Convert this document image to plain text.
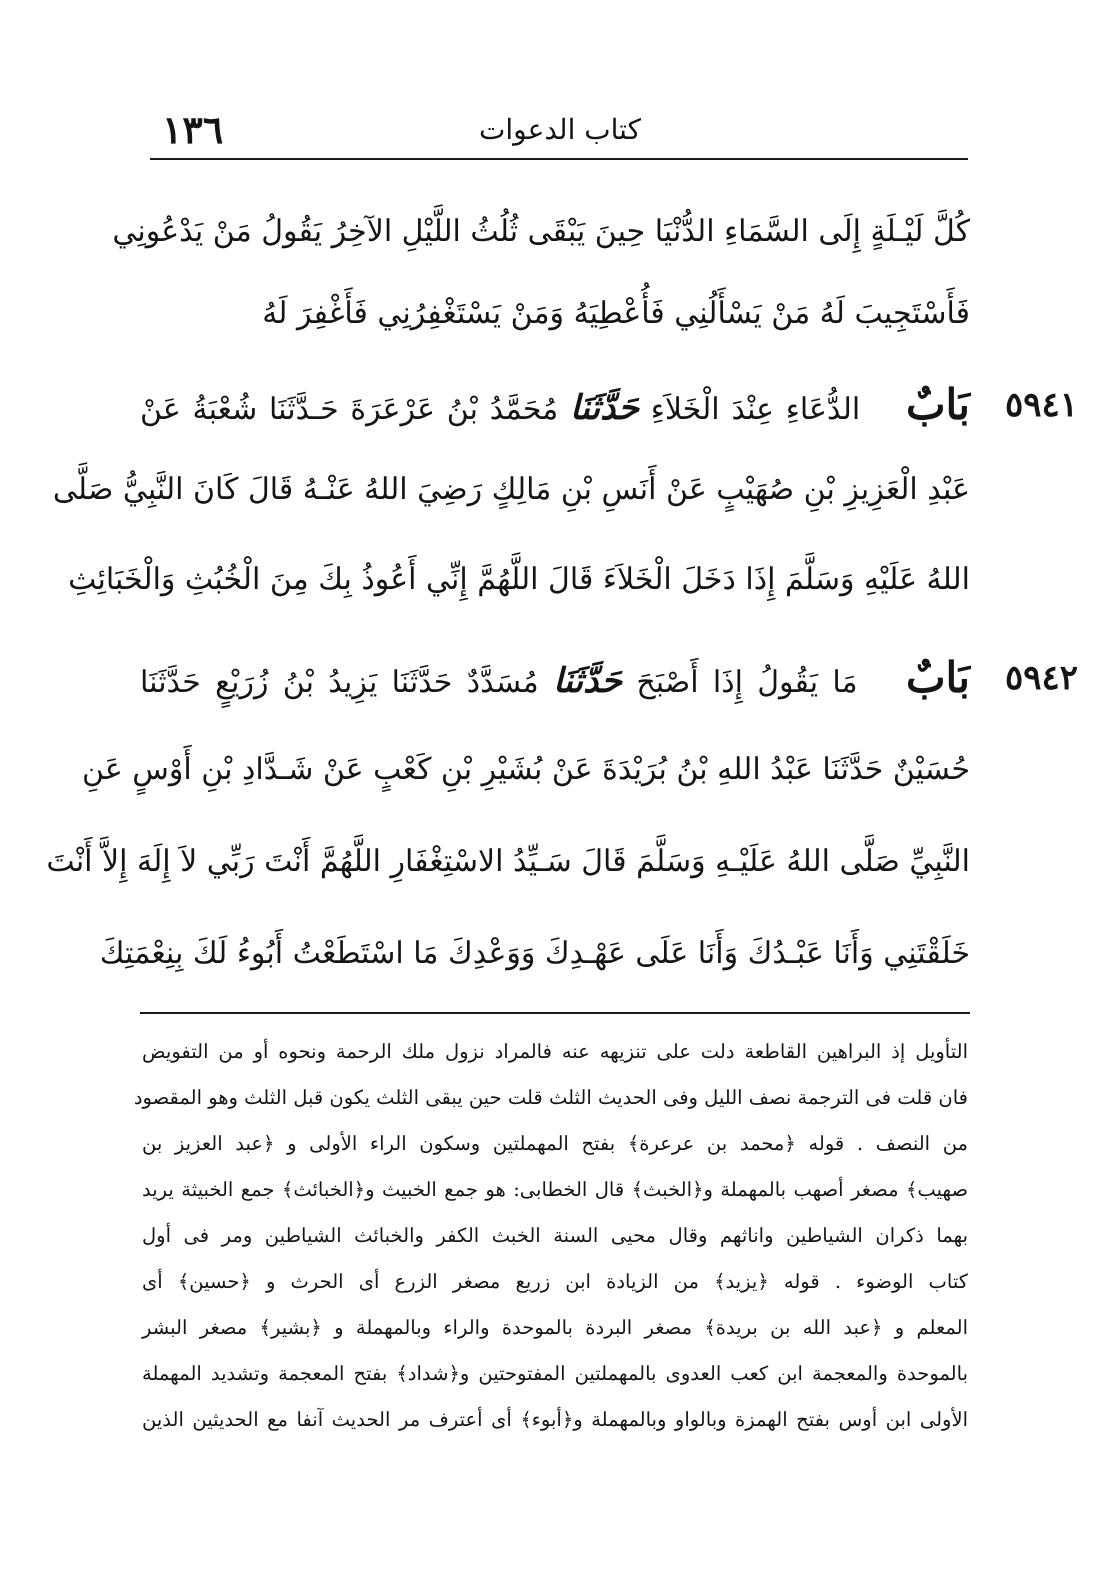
١٣٦	كتاب الدعوات
كُلَّ لَيْـلَةٍ إِلَى السَّمَاءِ الدُّنْيَا حِينَ يَبْقَى ثُلُثُ اللَّيْلِ الآخِرُ يَقُولُ مَنْ يَدْعُونِي
فَأَسْتَجِيبَ لَهُ مَنْ يَسْأَلُنِي فَأُعْطِيَهُ وَمَنْ يَسْتَغْفِرُنِي فَأَغْفِرَ لَهُ
٥٩٤١
بَابٌ الدُّعَاءِ عِنْدَ الْخَلاَءِ حَدَّثَنَا مُحَمَّدُ بْنُ عَرْعَرَةَ حَـدَّثَنَا شُعْبَةُ عَنْ
عَبْدِ الْعَزِيزِ بْنِ صُهَيْبٍ عَنْ أَنَسِ بْنِ مَالِكٍ رَضِيَ اللهُ عَنْـهُ قَالَ كَانَ النَّبِيُّ صَلَّى
اللهُ عَلَيْهِ وَسَلَّمَ إِذَا دَخَلَ الْخَلاَءَ قَالَ اللَّهُمَّ إِنِّي أَعُوذُ بِكَ مِنَ الْخُبُثِ وَالْخَبَائِثِ
٥٩٤٢
بَابٌ مَا يَقُولُ إِذَا أَصْبَحَ حَدَّثَنَا مُسَدَّدٌ حَدَّثَنَا يَزِيدُ بْنُ زُرَيْعٍ حَدَّثَنَا
حُسَيْنٌ حَدَّثَنَا عَبْدُ اللهِ بْنُ بُرَيْدَةَ عَنْ بُشَيْرِ بْنِ كَعْبٍ عَنْ شَـدَّادِ بْنِ أَوْسٍ عَنِ
النَّبِيِّ صَلَّى اللهُ عَلَيْـهِ وَسَلَّمَ قَالَ سَـيِّدُ الاسْتِغْفَارِ اللَّهُمَّ أَنْتَ رَبِّي لاَ إِلَهَ إِلاَّ أَنْتَ
خَلَقْتَنِي وَأَنَا عَبْـدُكَ وَأَنَا عَلَى عَهْـدِكَ وَوَعْدِكَ مَا اسْتَطَعْتُ أَبُوءُ لَكَ بِنِعْمَتِكَ
التأويل إذ البراهين القاطعة دلت على تنزيهه عنه فالمراد نزول ملك الرحمة ونحوه أو من التفويض
فان قلت فى الترجمة نصف الليل وفى الحديث الثلث قلت حين يبقى الثلث يكون قبل الثلث وهو المقصود
من النصف . قوله ﴿محمد بن عرعرة﴾ بفتح المهملتين وسكون الراء الأولى و ﴿عبد العزيز بن
صهيب﴾ مصغر أصهب بالمهملة و﴿الخبث﴾ قال الخطابى: هو جمع الخبيث و﴿الخبائث﴾ جمع الخبيثة يريد
بهما ذكران الشياطين واناثهم وقال محيى السنة الخبث الكفر والخبائث الشياطين ومر فى أول
كتاب الوضوء . قوله ﴿يزيد﴾ من الزيادة ابن زريع مصغر الزرع أى الحرث و ﴿حسين﴾ أى
المعلم و ﴿عبد الله بن بريدة﴾ مصغر البردة بالموحدة والراء وبالمهملة و ﴿بشير﴾ مصغر البشر
بالموحدة والمعجمة ابن كعب العدوى بالمهملتين المفتوحتين و﴿شداد﴾ بفتح المعجمة وتشديد المهملة
الأولى ابن أوس بفتح الهمزة وبالواو وبالمهملة و﴿أبوء﴾ أى أعترف مر الحديث آنفا مع الحديثين الذين
